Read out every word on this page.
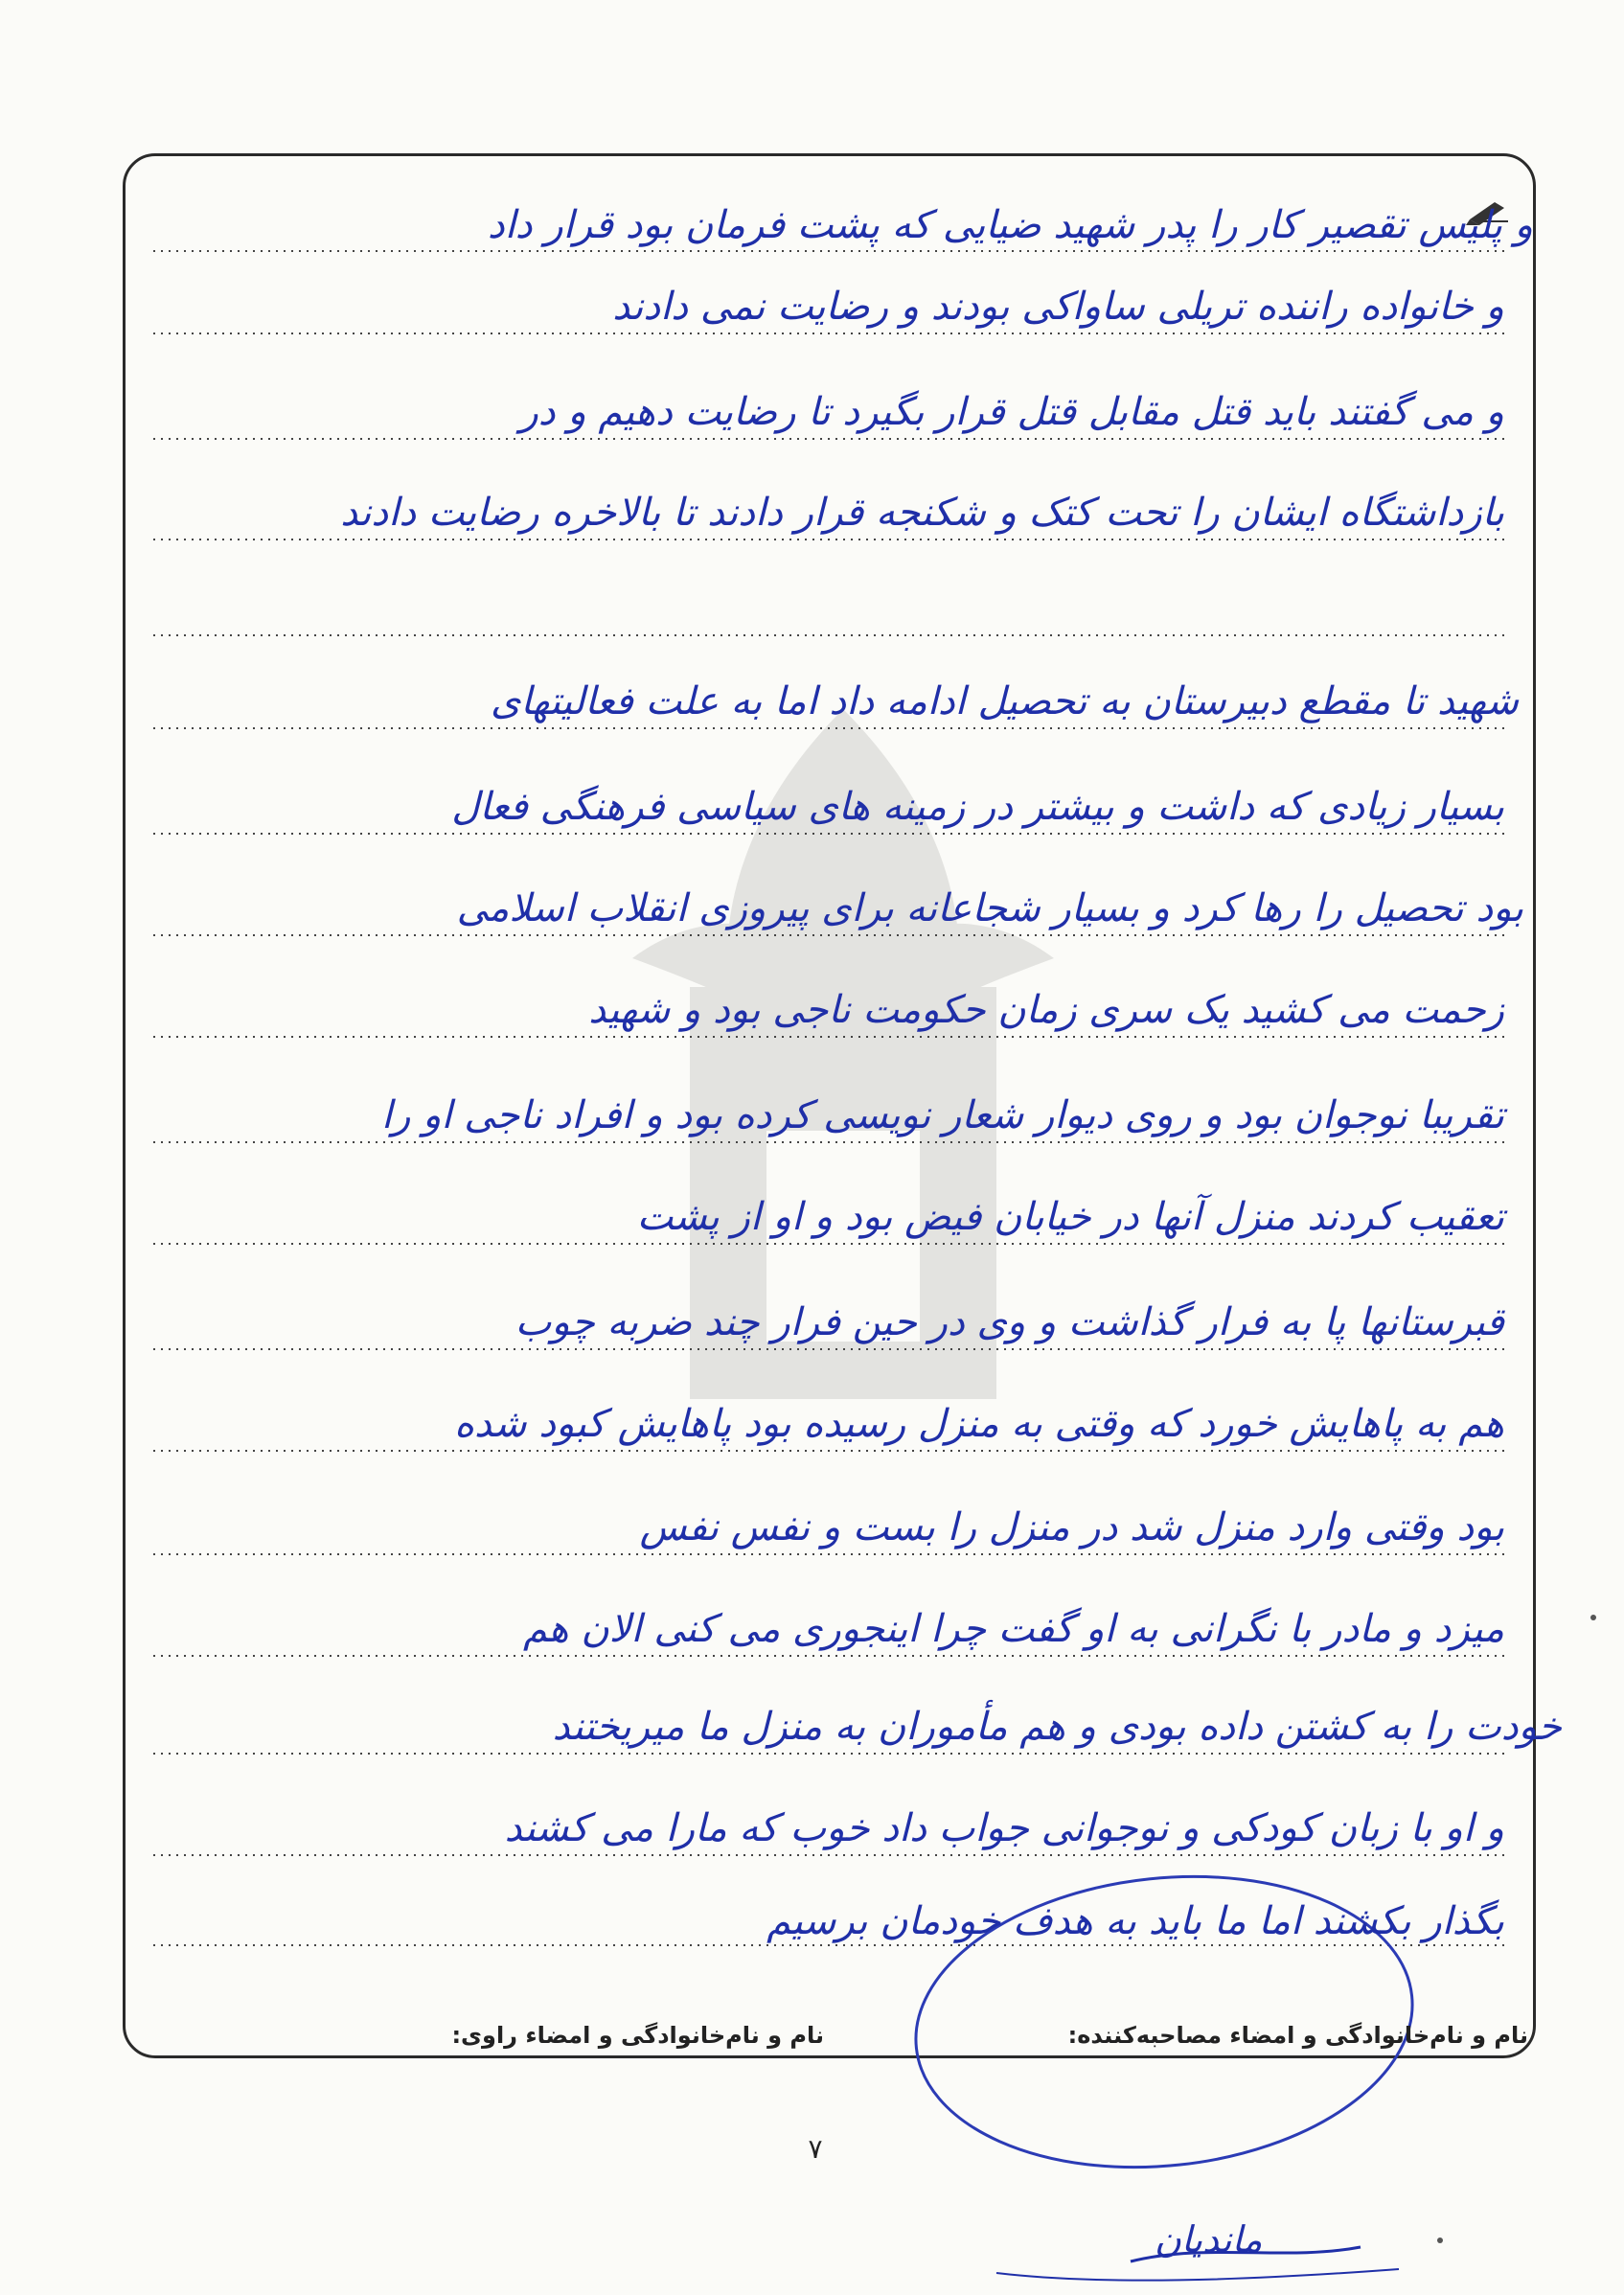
و پلیس تقصیر کار را پدر شهید ضیایی که پشت فرمان بود قرار داد
و خانواده راننده تریلی ساواکی بودند و رضایت نمی دادند
و می گفتند باید قتل مقابل قتل قرار بگیرد تا رضایت دهیم و در
بازداشتگاه ایشان را تحت کتک و شکنجه قرار دادند تا بالاخره رضایت دادند
شهید تا مقطع دبیرستان به تحصیل ادامه داد اما به علت فعالیتهای
بسیار زیادی که داشت و بیشتر در زمینه های سیاسی فرهنگی فعال
بود تحصیل را رها کرد و بسیار شجاعانه برای پیروزی انقلاب اسلامی
زحمت می کشید یک سری زمان حکومت ناجی بود و شهید
تقریبا نوجوان بود و روی دیوار شعار نویسی کرده بود و افراد ناجی او را
تعقیب کردند منزل آنها در خیابان فیض بود و او از پشت
قبرستانها پا به فرار گذاشت و وی در حین فرار چند ضربه چوب
هم به پاهایش خورد که وقتی به منزل رسیده بود پاهایش کبود شده
بود وقتی وارد منزل شد در منزل را بست و نفس نفس
میزد و مادر با نگرانی به او گفت چرا اینجوری می کنی الان هم
خودت را به کشتن داده بودی و هم مأموران به منزل ما میریختند
و او با زبان کودکی و نوجوانی جواب داد خوب که مارا می کشند
بگذار بکشند اما ما باید به هدف خودمان برسیم
نام و نام‌خانوادگی و امضاء مصاحبه‌کننده:
نام و نام‌خانوادگی و امضاء راوی:
۷
ماندیان
